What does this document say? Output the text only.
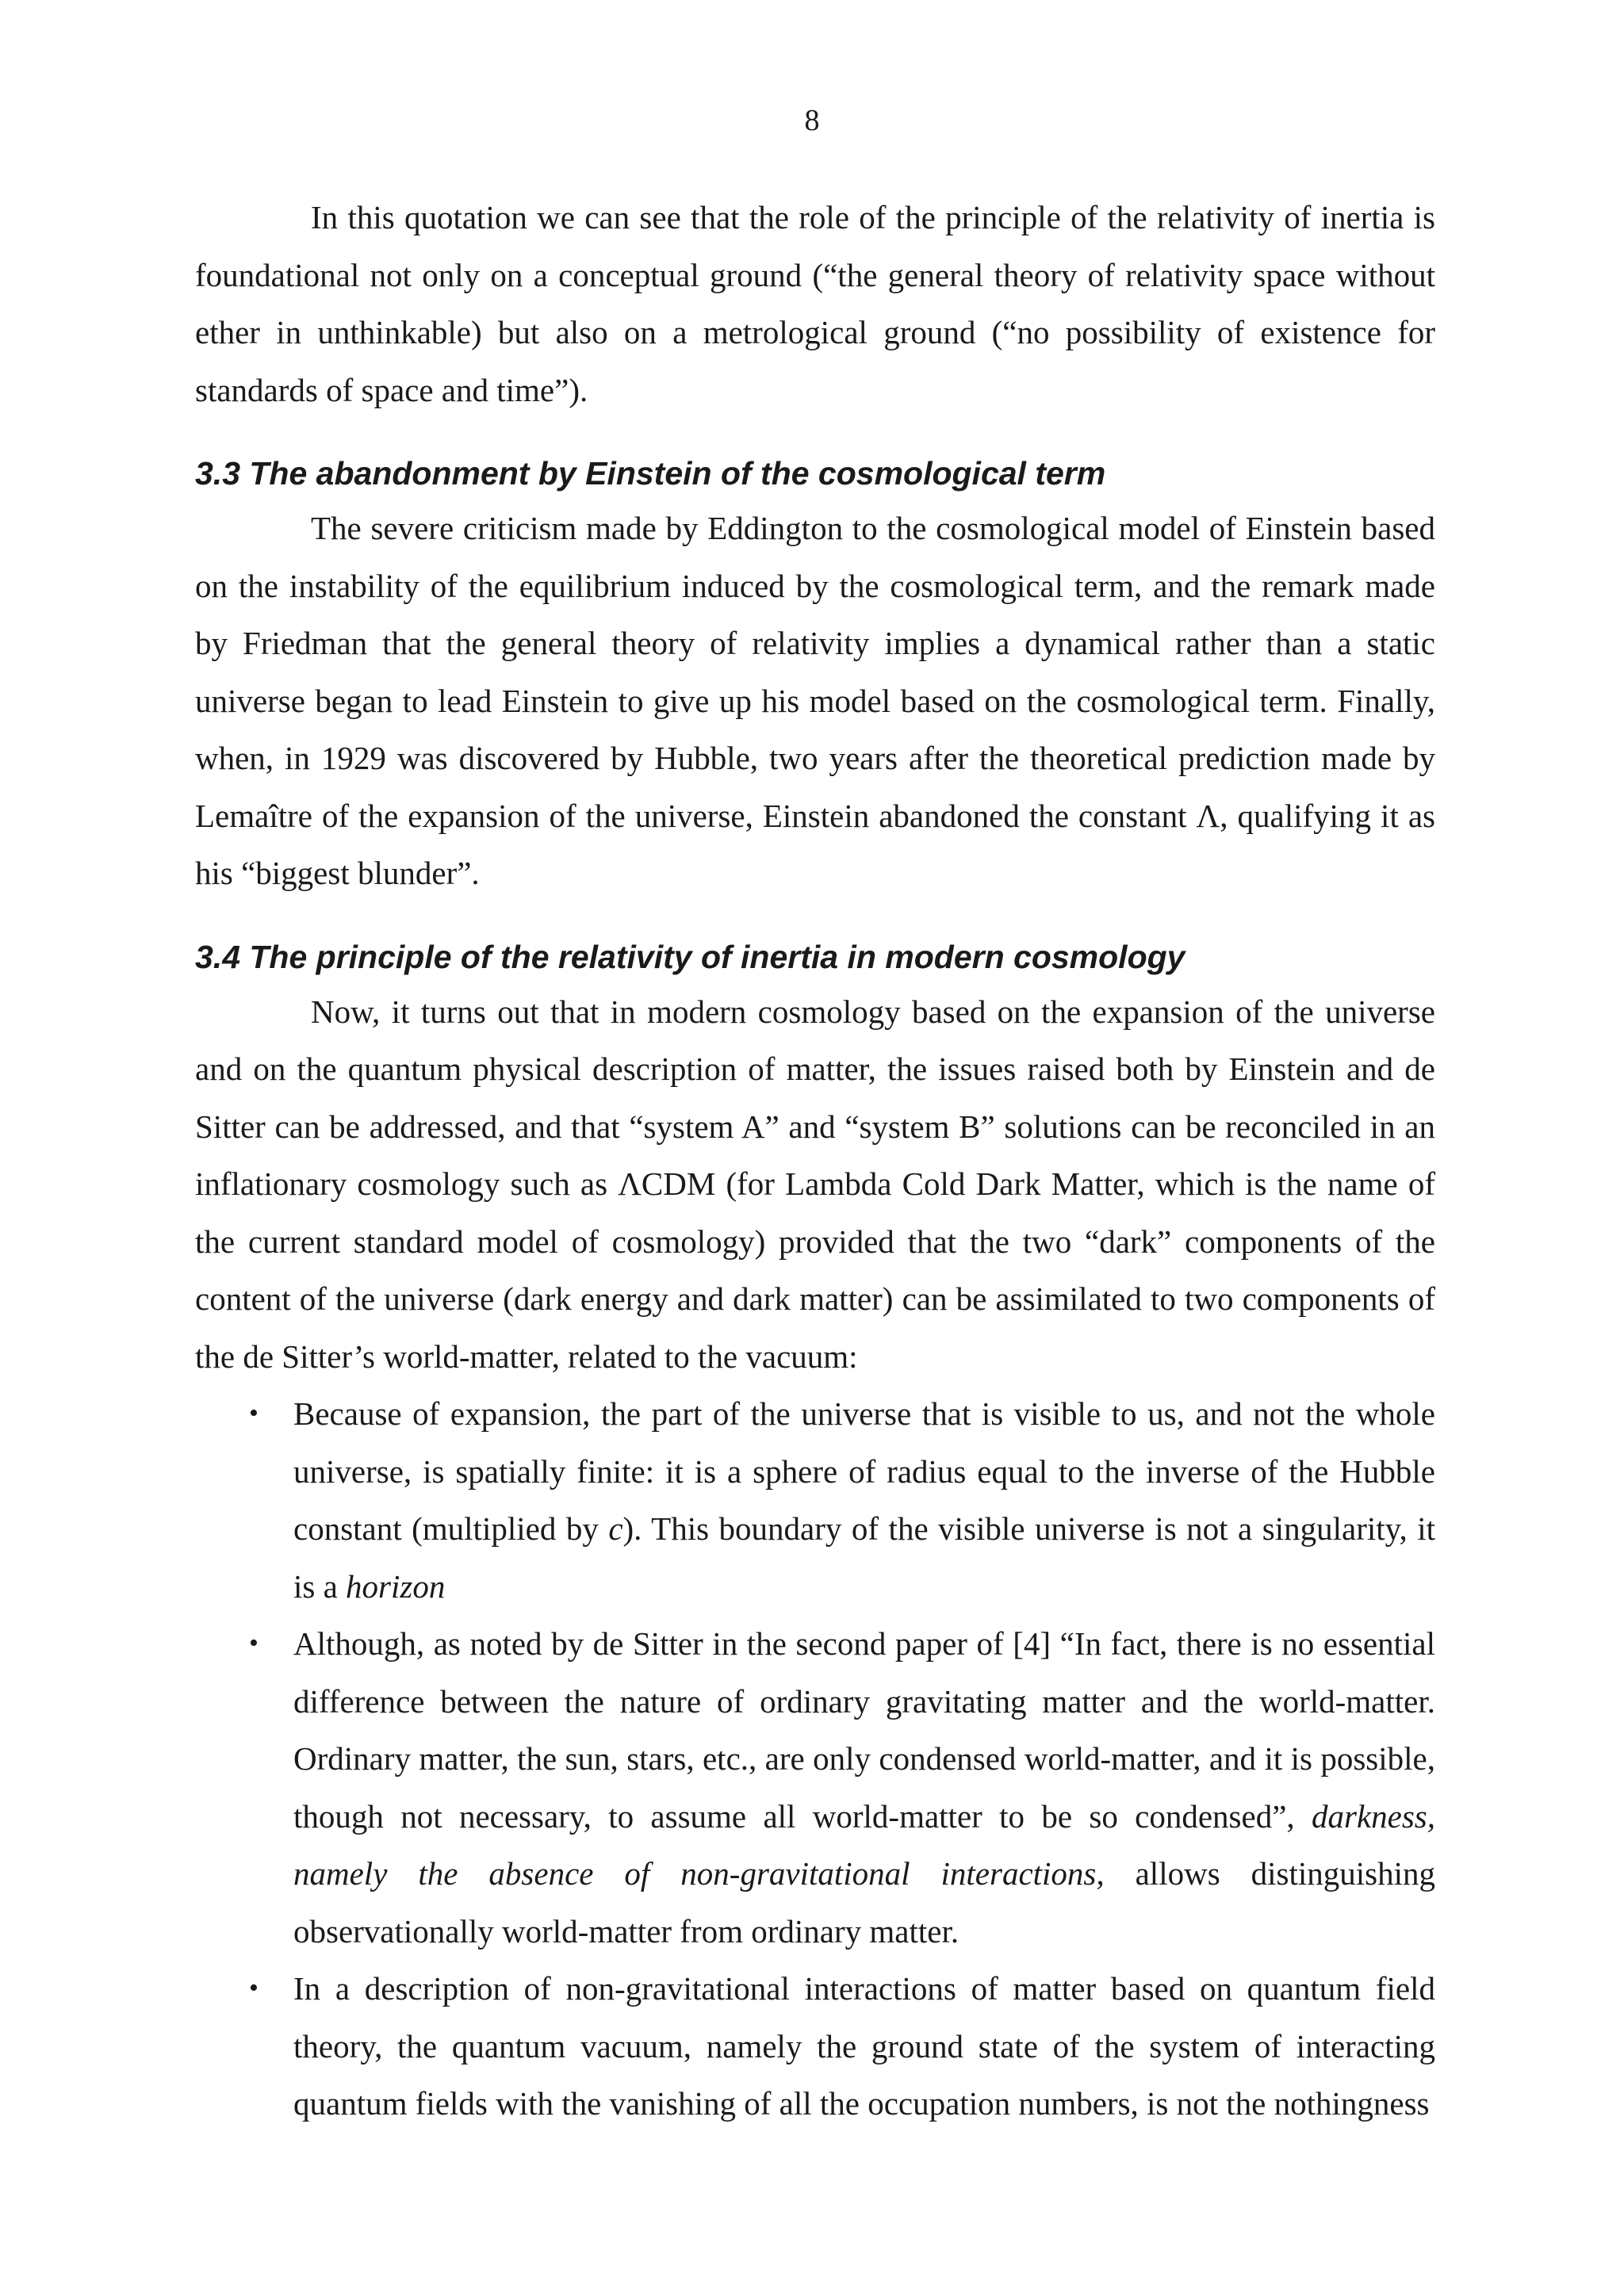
8

In this quotation we can see that the role of the principle of the relativity of inertia is foundational not only on a conceptual ground (“the general theory of relativity space without ether in unthinkable) but also on a metrological ground (“no possibility of existence for standards of space and time”).

3.3 The abandonment by Einstein of the cosmological term

The severe criticism made by Eddington to the cosmological model of Einstein based on the instability of the equilibrium induced by the cosmological term, and the remark made by Friedman that the general theory of relativity implies a dynamical rather than a static universe began to lead Einstein to give up his model based on the cosmological term. Finally, when, in 1929 was discovered by Hubble, two years after the theoretical prediction made by Lemaître of the expansion of the universe, Einstein abandoned the constant Λ, qualifying it as his “biggest blunder”.

3.4 The principle of the relativity of inertia in modern cosmology

Now, it turns out that in modern cosmology based on the expansion of the universe and on the quantum physical description of matter, the issues raised both by Einstein and de Sitter can be addressed, and that “system A” and “system B” solutions can be reconciled in an inflationary cosmology such as ΛCDM (for Lambda Cold Dark Matter, which is the name of the current standard model of cosmology) provided that the two “dark” components of the content of the universe (dark energy and dark matter) can be assimilated to two components of the de Sitter’s world-matter, related to the vacuum:

• Because of expansion, the part of the universe that is visible to us, and not the whole universe, is spatially finite: it is a sphere of radius equal to the inverse of the Hubble constant (multiplied by c). This boundary of the visible universe is not a singularity, it is a horizon
• Although, as noted by de Sitter in the second paper of [4] “In fact, there is no essential difference between the nature of ordinary gravitating matter and the world-matter. Ordinary matter, the sun, stars, etc., are only condensed world-matter, and it is possible, though not necessary, to assume all world-matter to be so condensed”, darkness, namely the absence of non-gravitational interactions, allows distinguishing observationally world-matter from ordinary matter.
• In a description of non-gravitational interactions of matter based on quantum field theory, the quantum vacuum, namely the ground state of the system of interacting quantum fields with the vanishing of all the occupation numbers, is not the nothingness
